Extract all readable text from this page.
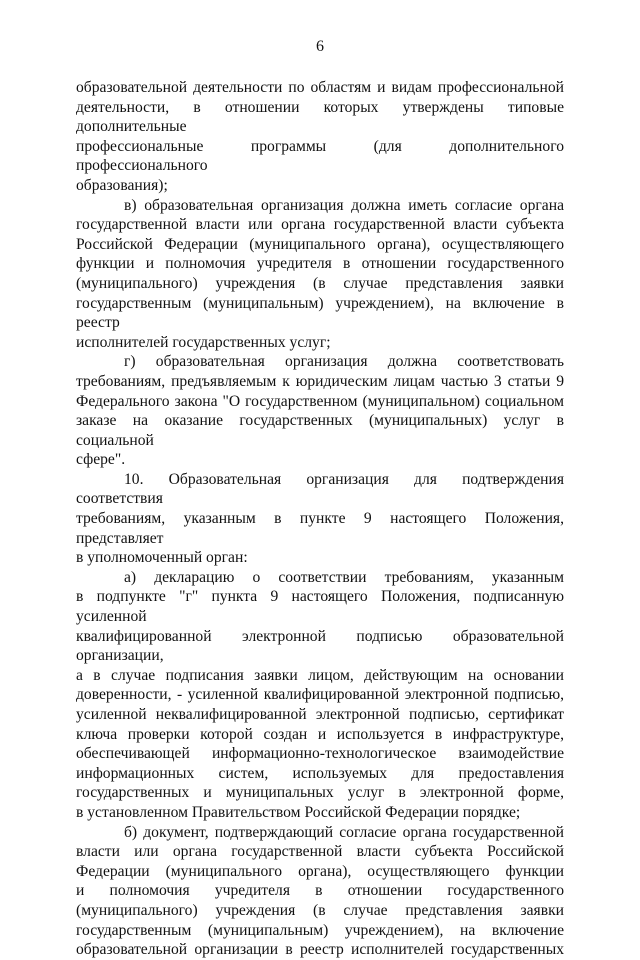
6

образовательной деятельности по областям и видам профессиональной

деятельности, в отношении которых утверждены типовые дополнительные

профессиональные программы (для дополнительного профессионального

образования);

в) образовательная организация должна иметь согласие органа

государственной власти или органа государственной власти субъекта

Российской Федерации (муниципального органа), осуществляющего

функции и полномочия учредителя в отношении государственного

(муниципального) учреждения (в случае представления заявки

государственным (муниципальным) учреждением), на включение в реестр

исполнителей государственных услуг;

г) образовательная организация должна соответствовать

требованиям, предъявляемым к юридическим лицам частью 3 статьи 9

Федерального закона "О государственном (муниципальном) социальном

заказе на оказание государственных (муниципальных) услуг в социальной

сфере".

10. Образовательная организация для подтверждения соответствия

требованиям, указанным в пункте 9 настоящего Положения, представляет

в уполномоченный орган:

а) декларацию о соответствии требованиям, указанным

в подпункте "г" пункта 9 настоящего Положения, подписанную усиленной

квалифицированной электронной подписью образовательной организации,

а в случае подписания заявки лицом, действующим на основании

доверенности, - усиленной квалифицированной электронной подписью,

усиленной неквалифицированной электронной подписью, сертификат

ключа проверки которой создан и используется в инфраструктуре,

обеспечивающей информационно-технологическое взаимодействие

информационных систем, используемых для предоставления

государственных и муниципальных услуг в электронной форме,

в установленном Правительством Российской Федерации порядке;

б) документ, подтверждающий согласие органа государственной

власти или органа государственной власти субъекта Российской

Федерации (муниципального органа), осуществляющего функции

и полномочия учредителя в отношении государственного

(муниципального) учреждения (в случае представления заявки

государственным (муниципальным) учреждением), на включение

образовательной организации в реестр исполнителей государственных
